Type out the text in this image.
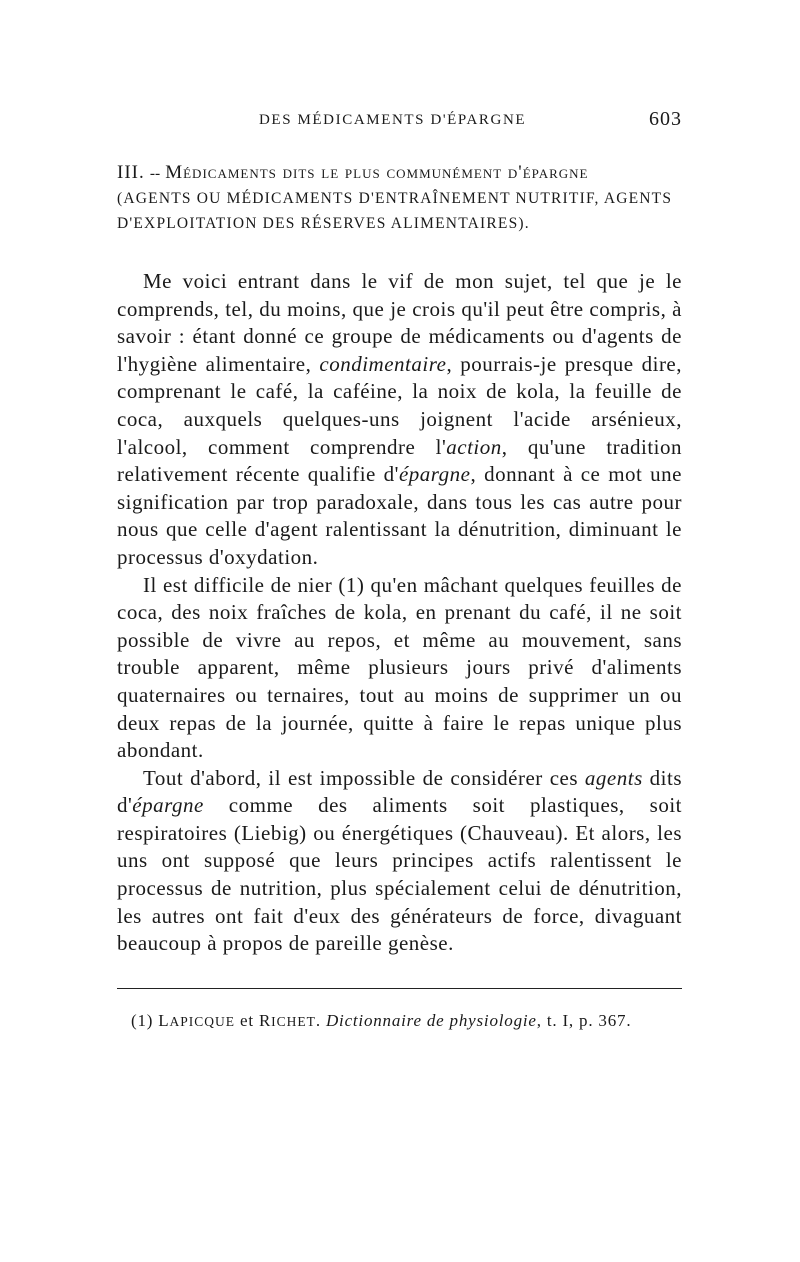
DES MÉDICAMENTS D'ÉPARGNE	603
III. -- Médicaments dits le plus communément d'épargne
(AGENTS OU MÉDICAMENTS D'ENTRAÎNEMENT NUTRITIF, AGENTS
D'EXPLOITATION DES RÉSERVES ALIMENTAIRES).

Me voici entrant dans le vif de mon sujet, tel que je le comprends, tel, du moins, que je crois qu'il peut être compris, à savoir : étant donné ce groupe de médicaments ou d'agents de l'hygiène alimentaire, condimentaire, pourrais-je presque dire, comprenant le café, la caféine, la noix de kola, la feuille de coca, auxquels quelques-uns joignent l'acide arsénieux, l'alcool, comment comprendre l'action, qu'une tradition relativement récente qualifie d'épargne, donnant à ce mot une signification par trop paradoxale, dans tous les cas autre pour nous que celle d'agent ralentissant la dénutrition, diminuant le processus d'oxydation.

Il est difficile de nier (1) qu'en mâchant quelques feuilles de coca, des noix fraîches de kola, en prenant du café, il ne soit possible de vivre au repos, et même au mouvement, sans trouble apparent, même plusieurs jours privé d'aliments quaternaires ou ternaires, tout au moins de supprimer un ou deux repas de la journée, quitte à faire le repas unique plus abondant.

Tout d'abord, il est impossible de considérer ces agents dits d'épargne comme des aliments soit plastiques, soit respiratoires (Liebig) ou énergétiques (Chauveau). Et alors, les uns ont supposé que leurs principes actifs ralentissent le processus de nutrition, plus spécialement celui de dénutrition, les autres ont fait d'eux des générateurs de force, divaguant beaucoup à propos de pareille genèse.

(1) LAPICQUE et RICHET. Dictionnaire de physiologie, t. I, p. 367.
